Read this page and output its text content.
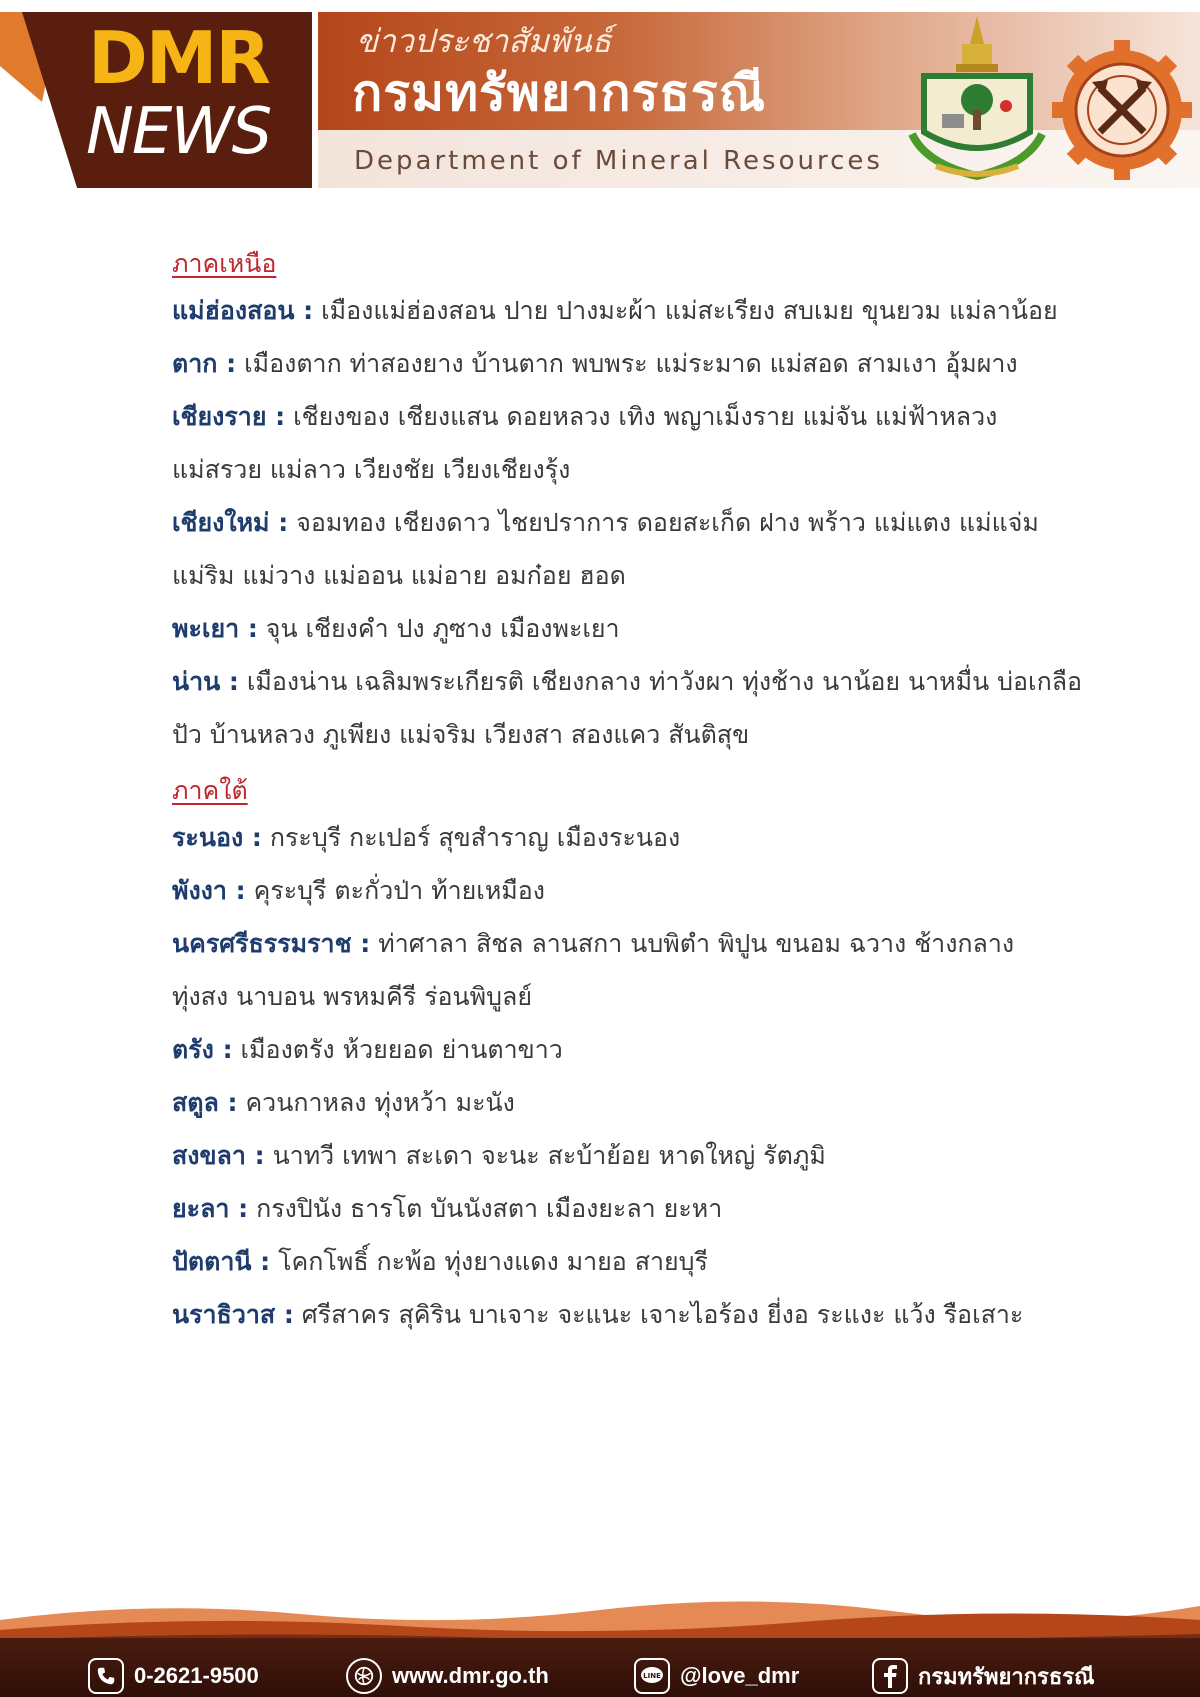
DMR
NEWS
ข่าวประชาสัมพันธ์
กรมทรัพยากรธรณี
Department of Mineral Resources
ภาคเหนือ

แม่ฮ่องสอน : เมืองแม่ฮ่องสอน ปาย ปางมะผ้า แม่สะเรียง สบเมย ขุนยวม แม่ลาน้อย

ตาก : เมืองตาก ท่าสองยาง บ้านตาก พบพระ แม่ระมาด แม่สอด สามเงา อุ้มผาง

เชียงราย : เชียงของ เชียงแสน ดอยหลวง เทิง พญาเม็งราย แม่จัน แม่ฟ้าหลวง

แม่สรวย แม่ลาว เวียงชัย เวียงเชียงรุ้ง

เชียงใหม่ : จอมทอง เชียงดาว ไชยปราการ ดอยสะเก็ด ฝาง พร้าว แม่แตง แม่แจ่ม

แม่ริม แม่วาง แม่ออน แม่อาย อมก๋อย ฮอด

พะเยา : จุน เชียงคำ ปง ภูซาง เมืองพะเยา

น่าน : เมืองน่าน เฉลิมพระเกียรติ เชียงกลาง ท่าวังผา ทุ่งช้าง นาน้อย นาหมื่น บ่อเกลือ

ปัว บ้านหลวง ภูเพียง แม่จริม เวียงสา สองแคว สันติสุข

ภาคใต้

ระนอง : กระบุรี กะเปอร์ สุขสำราญ เมืองระนอง

พังงา : คุระบุรี ตะกั่วป่า ท้ายเหมือง

นครศรีธรรมราช : ท่าศาลา สิชล ลานสกา นบพิตำ พิปูน ขนอม ฉวาง ช้างกลาง

ทุ่งสง นาบอน พรหมคีรี ร่อนพิบูลย์

ตรัง : เมืองตรัง ห้วยยอด ย่านตาขาว

สตูล : ควนกาหลง ทุ่งหว้า มะนัง

สงขลา : นาทวี เทพา สะเดา จะนะ สะบ้าย้อย หาดใหญ่ รัตภูมิ

ยะลา : กรงปินัง ธารโต บันนังสตา เมืองยะลา ยะหา

ปัตตานี : โคกโพธิ์ กะพ้อ ทุ่งยางแดง มายอ สายบุรี

นราธิวาส : ศรีสาคร สุคิริน บาเจาะ จะแนะ เจาะไอร้อง ยี่งอ ระแงะ แว้ง รือเสาะ

0-2621-9500	www.dmr.go.th	LINE @love_dmr	กรมทรัพยากรธรณี
